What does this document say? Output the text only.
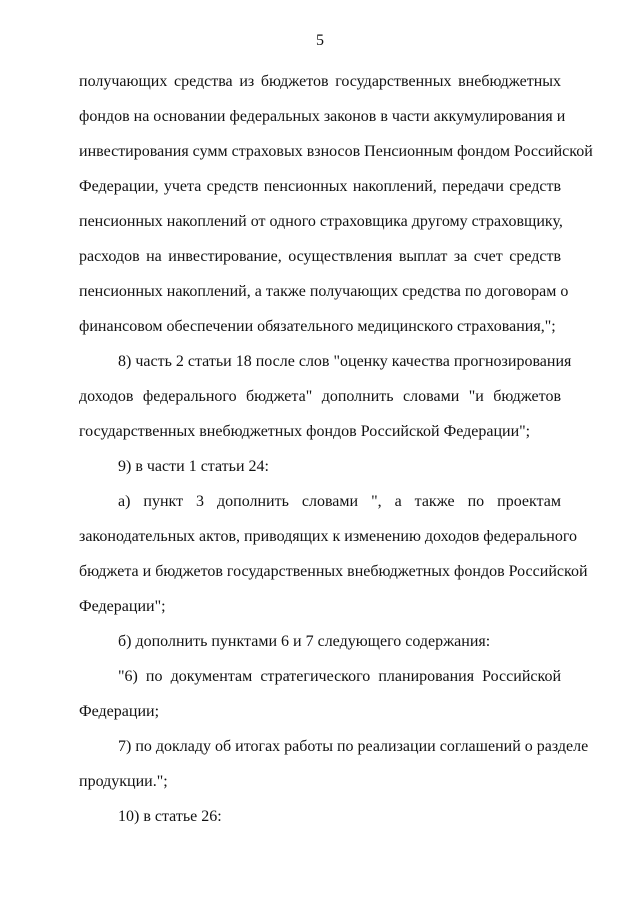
5
получающих средства из бюджетов государственных внебюджетных
фондов на основании федеральных законов в части аккумулирования и
инвестирования сумм страховых взносов Пенсионным фондом Российской
Федерации, учета средств пенсионных накоплений, передачи средств
пенсионных накоплений от одного страховщика другому страховщику,
расходов на инвестирование, осуществления выплат за счет средств
пенсионных накоплений, а также получающих средства по договорам о
финансовом обеспечении обязательного медицинского страхования,";
8) часть 2 статьи 18 после слов "оценку качества прогнозирования
доходов федерального бюджета" дополнить словами "и бюджетов
государственных внебюджетных фондов Российской Федерации";
9) в части 1 статьи 24:
а) пункт 3 дополнить словами ", а также по проектам
законодательных актов, приводящих к изменению доходов федерального
бюджета и бюджетов государственных внебюджетных фондов Российской
Федерации";
б) дополнить пунктами 6 и 7 следующего содержания:
"6) по документам стратегического планирования Российской
Федерации;
7) по докладу об итогах работы по реализации соглашений о разделе
продукции.";
10) в статье 26:
